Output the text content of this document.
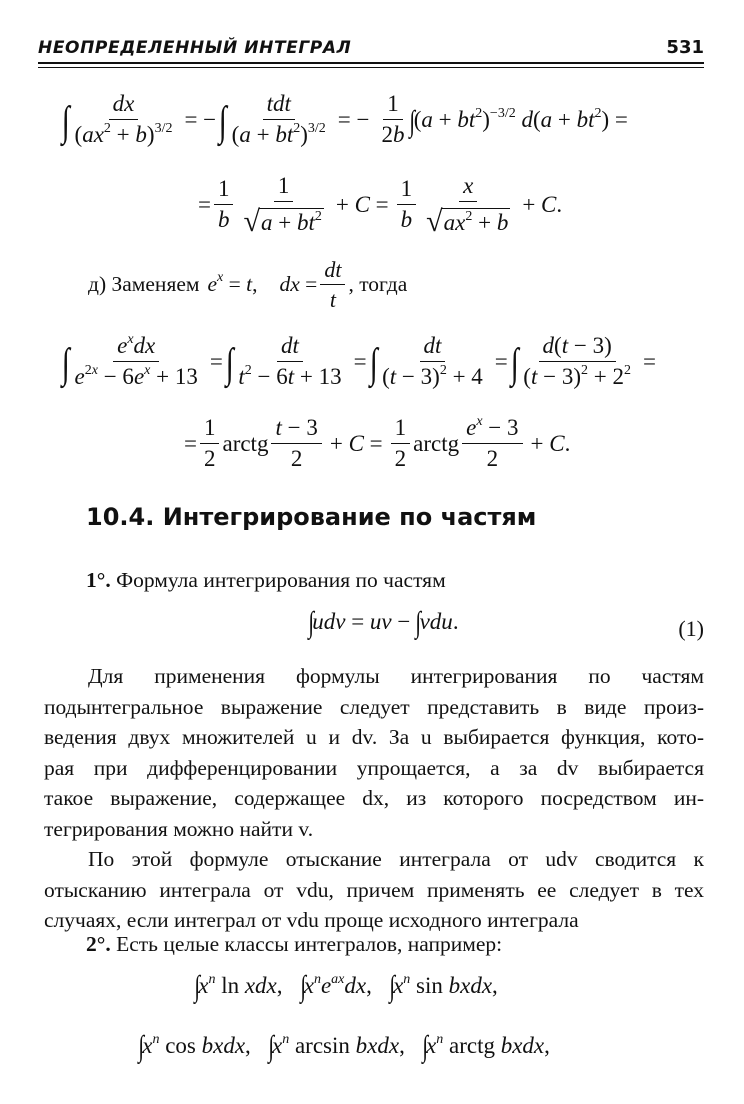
НЕОПРЕДЕЛЕННЫЙ ИНТЕГРАЛ	531
∫ $\frac{dx}{(ax^2 + b)^{3/2}}$ = − ∫ $\frac{\text{tdt}}{(a + bt^2)^{3/2}}$ = − $\frac{1}{2b}$ ∫
$(a + bt^2)^{-3/2}$ $d(a + bt^2)$ =
= $\frac{1}{b} \frac{1}{√ a + bt^2} + C = \frac{1}{b} \frac{x}{√ ax^2 + b} + C$.
д) Заменяем $e^x = t$, dx = $\frac{dt}{t}$ , тогда
∫ $\frac{e^xdx}{e^{2x} - 6e^x + 13}$ = ∫ $\frac{dt}{t^2 - 6t + 13}$ = ∫ $\frac{dt}{(t - 3)^2 + 4}$ = ∫ $\frac{d(t - 3)}{(t - 3)^2 + 2^2}$ =
= $\frac{1}{2}$ arctg $\frac{t - 3}{2} + C = \frac{1}{2}$ arctg $\frac{e^x - 3}{2} + C$.
10.4. Интегрирование по частям
1°. Формула интегрирования по частям
∫
udv = uv − ∫
vdu.	(1)
Для применения формулы интегрирования по частям
подынтегральное выражение следует представить в виде произ-
ведения двух множителей u и dv. За u выбирается функция, кото-
рая при дифференцировании упрощается, а за dv выбирается
такое выражение, содержащее dx, из которого посредством ин-
тегрирования можно найти v.
По этой формуле отыскание интеграла от udv сводится к
отысканию интеграла от vdu, причем применять ее следует в тех
случаях, если интеграл от vdu проще исходного интеграла
2°. Есть целые классы интегралов, например:
∫
$x^n$ ln xdx, ∫
$x^ne^{ax}dx$, ∫
$x^n$ sin bxdx,
∫
$x^n$ cos bxdx, ∫
$x^n$ arcsin bxdx, ∫
$x^n$ arctg bxdx,
